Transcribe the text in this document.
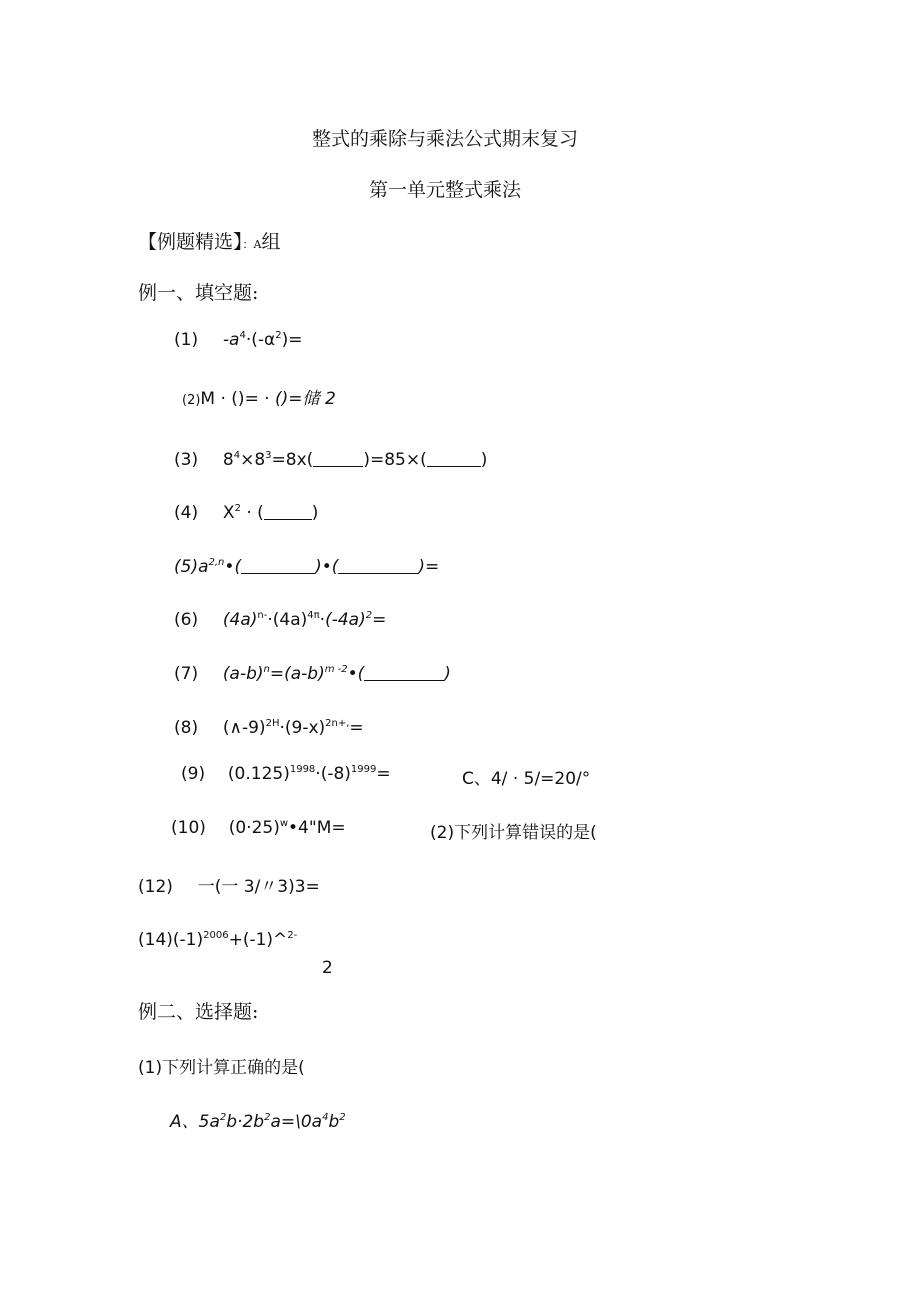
整式的乘除与乘法公式期末复习
第一单元整式乘法
【例题精选】：A组
例一、填空题:
(1) $-a^4\cdot(-\alpha^2)=$
(2)M · ()= · ()=储 2
(3) $8^4\times 8^3=8x$(	)=85×(	)
(4) $X^2$ · (	)
$(5)a^{2,n}•$(	)•(	)=
(6) $(4a)^{n-}\cdot(4a)^{4\pi}\cdot(-4a)^2=$
(7) $(a-b)^n=(a-b)^{m -2}•$(	)
(8) $(\wedge-9)^{2H}\cdot(9-x)^{2n+,}=$
(9) $(0.125)^{1998}\cdot(-8)^{1999}=$	C、4/ · 5/=20/°
(10) $(0\cdot 25)^w•4"M=$	(2)下列计算错误的是(
(12) 一(一 3/〃3)3=
$(14)(-1)^{2006}+(-1)\^{}^{2-}$
2
例二、选择题:
(1)下列计算正确的是(
A、$5a^2b\cdot 2b^2a=\backslash 0a^4b^2$
